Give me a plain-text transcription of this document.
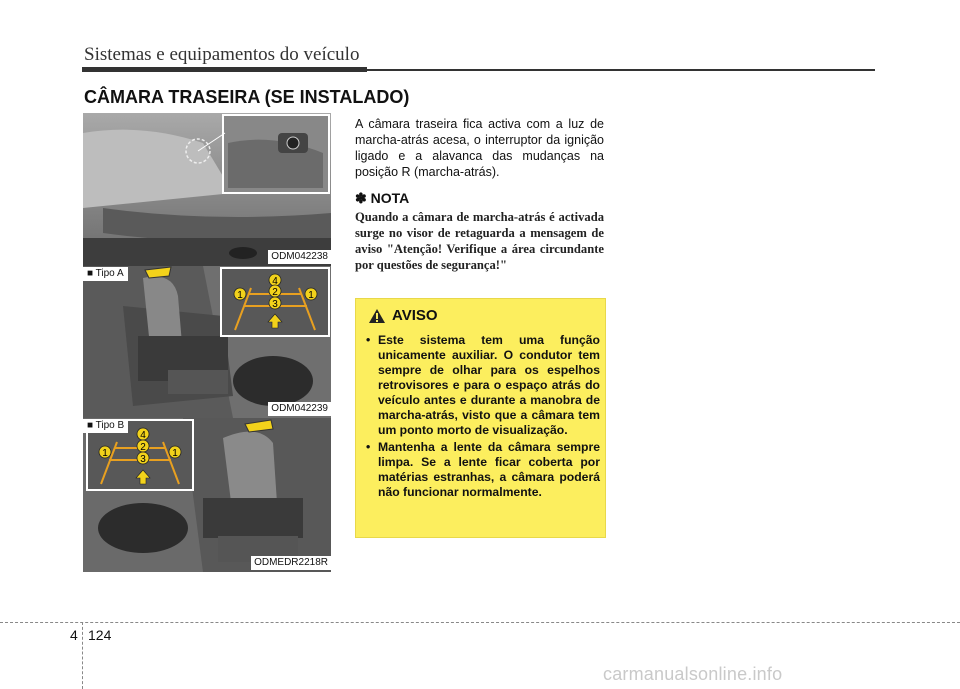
Sistemas e equipamentos do veículo
CÂMARA TRASEIRA (SE INSTALADO)
ODM042238
4
2
3
1	1
■ Tipo A
ODM042239
4
2
3
1	1
■ Tipo B
ODMEDR2218R
A câmara traseira fica activa com a luz de marcha-atrás acesa, o interruptor da ignição ligado e a alavanca das mudanças na posição R (marcha-atrás).
✽ NOTA
Quando a câmara de marcha-atrás é activada surge no visor de retaguarda a mensagem de aviso "Atenção! Verifique a área circundante por questões de segurança!"
AVISO
• Este sistema tem uma função unicamente auxiliar. O condutor tem sempre de olhar para os espelhos retrovisores e para o espaço atrás do veículo antes e durante a manobra de marcha-atrás, visto que a câmara tem um ponto morto de visualização.
• Mantenha a lente da câmara sempre limpa. Se a lente ficar coberta por matérias estranhas, a câmara poderá não funcionar normalmente.
4 124
carmanualsonline.info
